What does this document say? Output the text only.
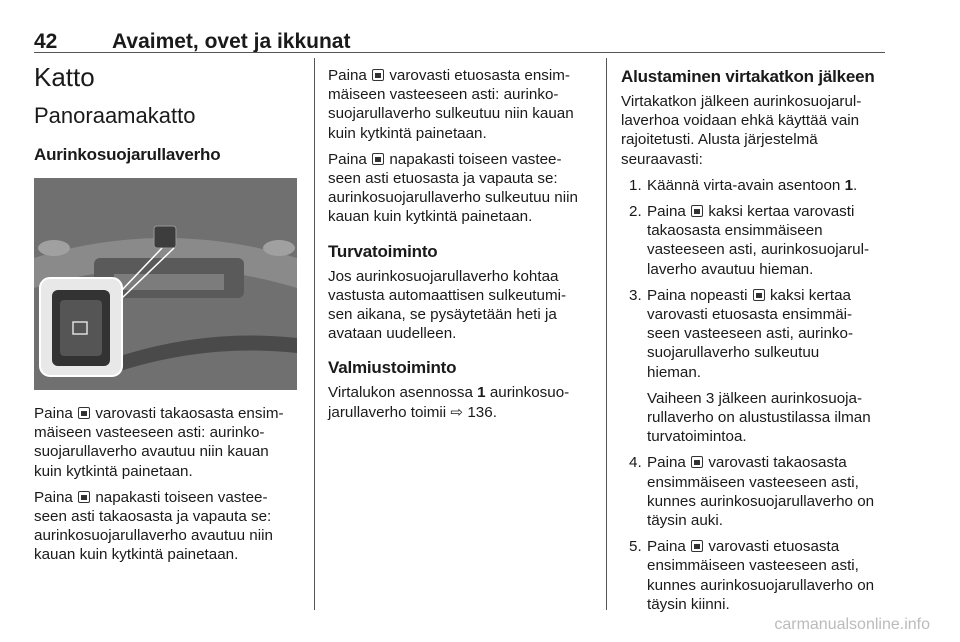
42	Avaimet, ovet ja ikkunat
Katto
Panoraamakatto
Aurinkosuojarullaverho

Paina  varovasti takaosasta ensim-
mäiseen vasteeseen asti: aurinko-
suojarullaverho avautuu niin kauan
kuin kytkintä painetaan.

Paina  napakasti toiseen vastee-
seen asti takaosasta ja vapauta se:
aurinkosuojarullaverho avautuu niin
kauan kuin kytkintä painetaan.

Paina  varovasti etuosasta ensim-
mäiseen vasteeseen asti: aurinko-
suojarullaverho sulkeutuu niin kauan
kuin kytkintä painetaan.

Paina  napakasti toiseen vastee-
seen asti etuosasta ja vapauta se:
aurinkosuojarullaverho sulkeutuu niin
kauan kuin kytkintä painetaan.

Turvatoiminto

Jos aurinkosuojarullaverho kohtaa
vastusta automaattisen sulkeutumi-
sen aikana, se pysäytetään heti ja
avataan uudelleen.

Valmiustoiminto

Virtalukon asennossa 1 aurinkosuo-
jarullaverho toimii ⇨ 136.

Alustaminen virtakatkon jälkeen

Virtakatkon jälkeen aurinkosuojarul-
laverhoa voidaan ehkä käyttää vain
rajoitetusti. Alusta järjestelmä
seuraavasti:

1. Käännä virta-avain asentoon 1.
2. Paina  kaksi kertaa varovasti
takaosasta ensimmäiseen
vasteeseen asti, aurinkosuojarul-
laverho avautuu hieman.
3. Paina nopeasti  kaksi kertaa
varovasti etuosasta ensimmäi-
seen vasteeseen asti, aurinko-
suojarullaverho sulkeutuu
hieman.
Vaiheen 3 jälkeen aurinkosuoja-
rullaverho on alustustilassa ilman
turvatoimintoa.
4. Paina  varovasti takaosasta
ensimmäiseen vasteeseen asti,
kunnes aurinkosuojarullaverho on
täysin auki.
5. Paina  varovasti etuosasta
ensimmäiseen vasteeseen asti,
kunnes aurinkosuojarullaverho on
täysin kiinni.
carmanualsonline.info
